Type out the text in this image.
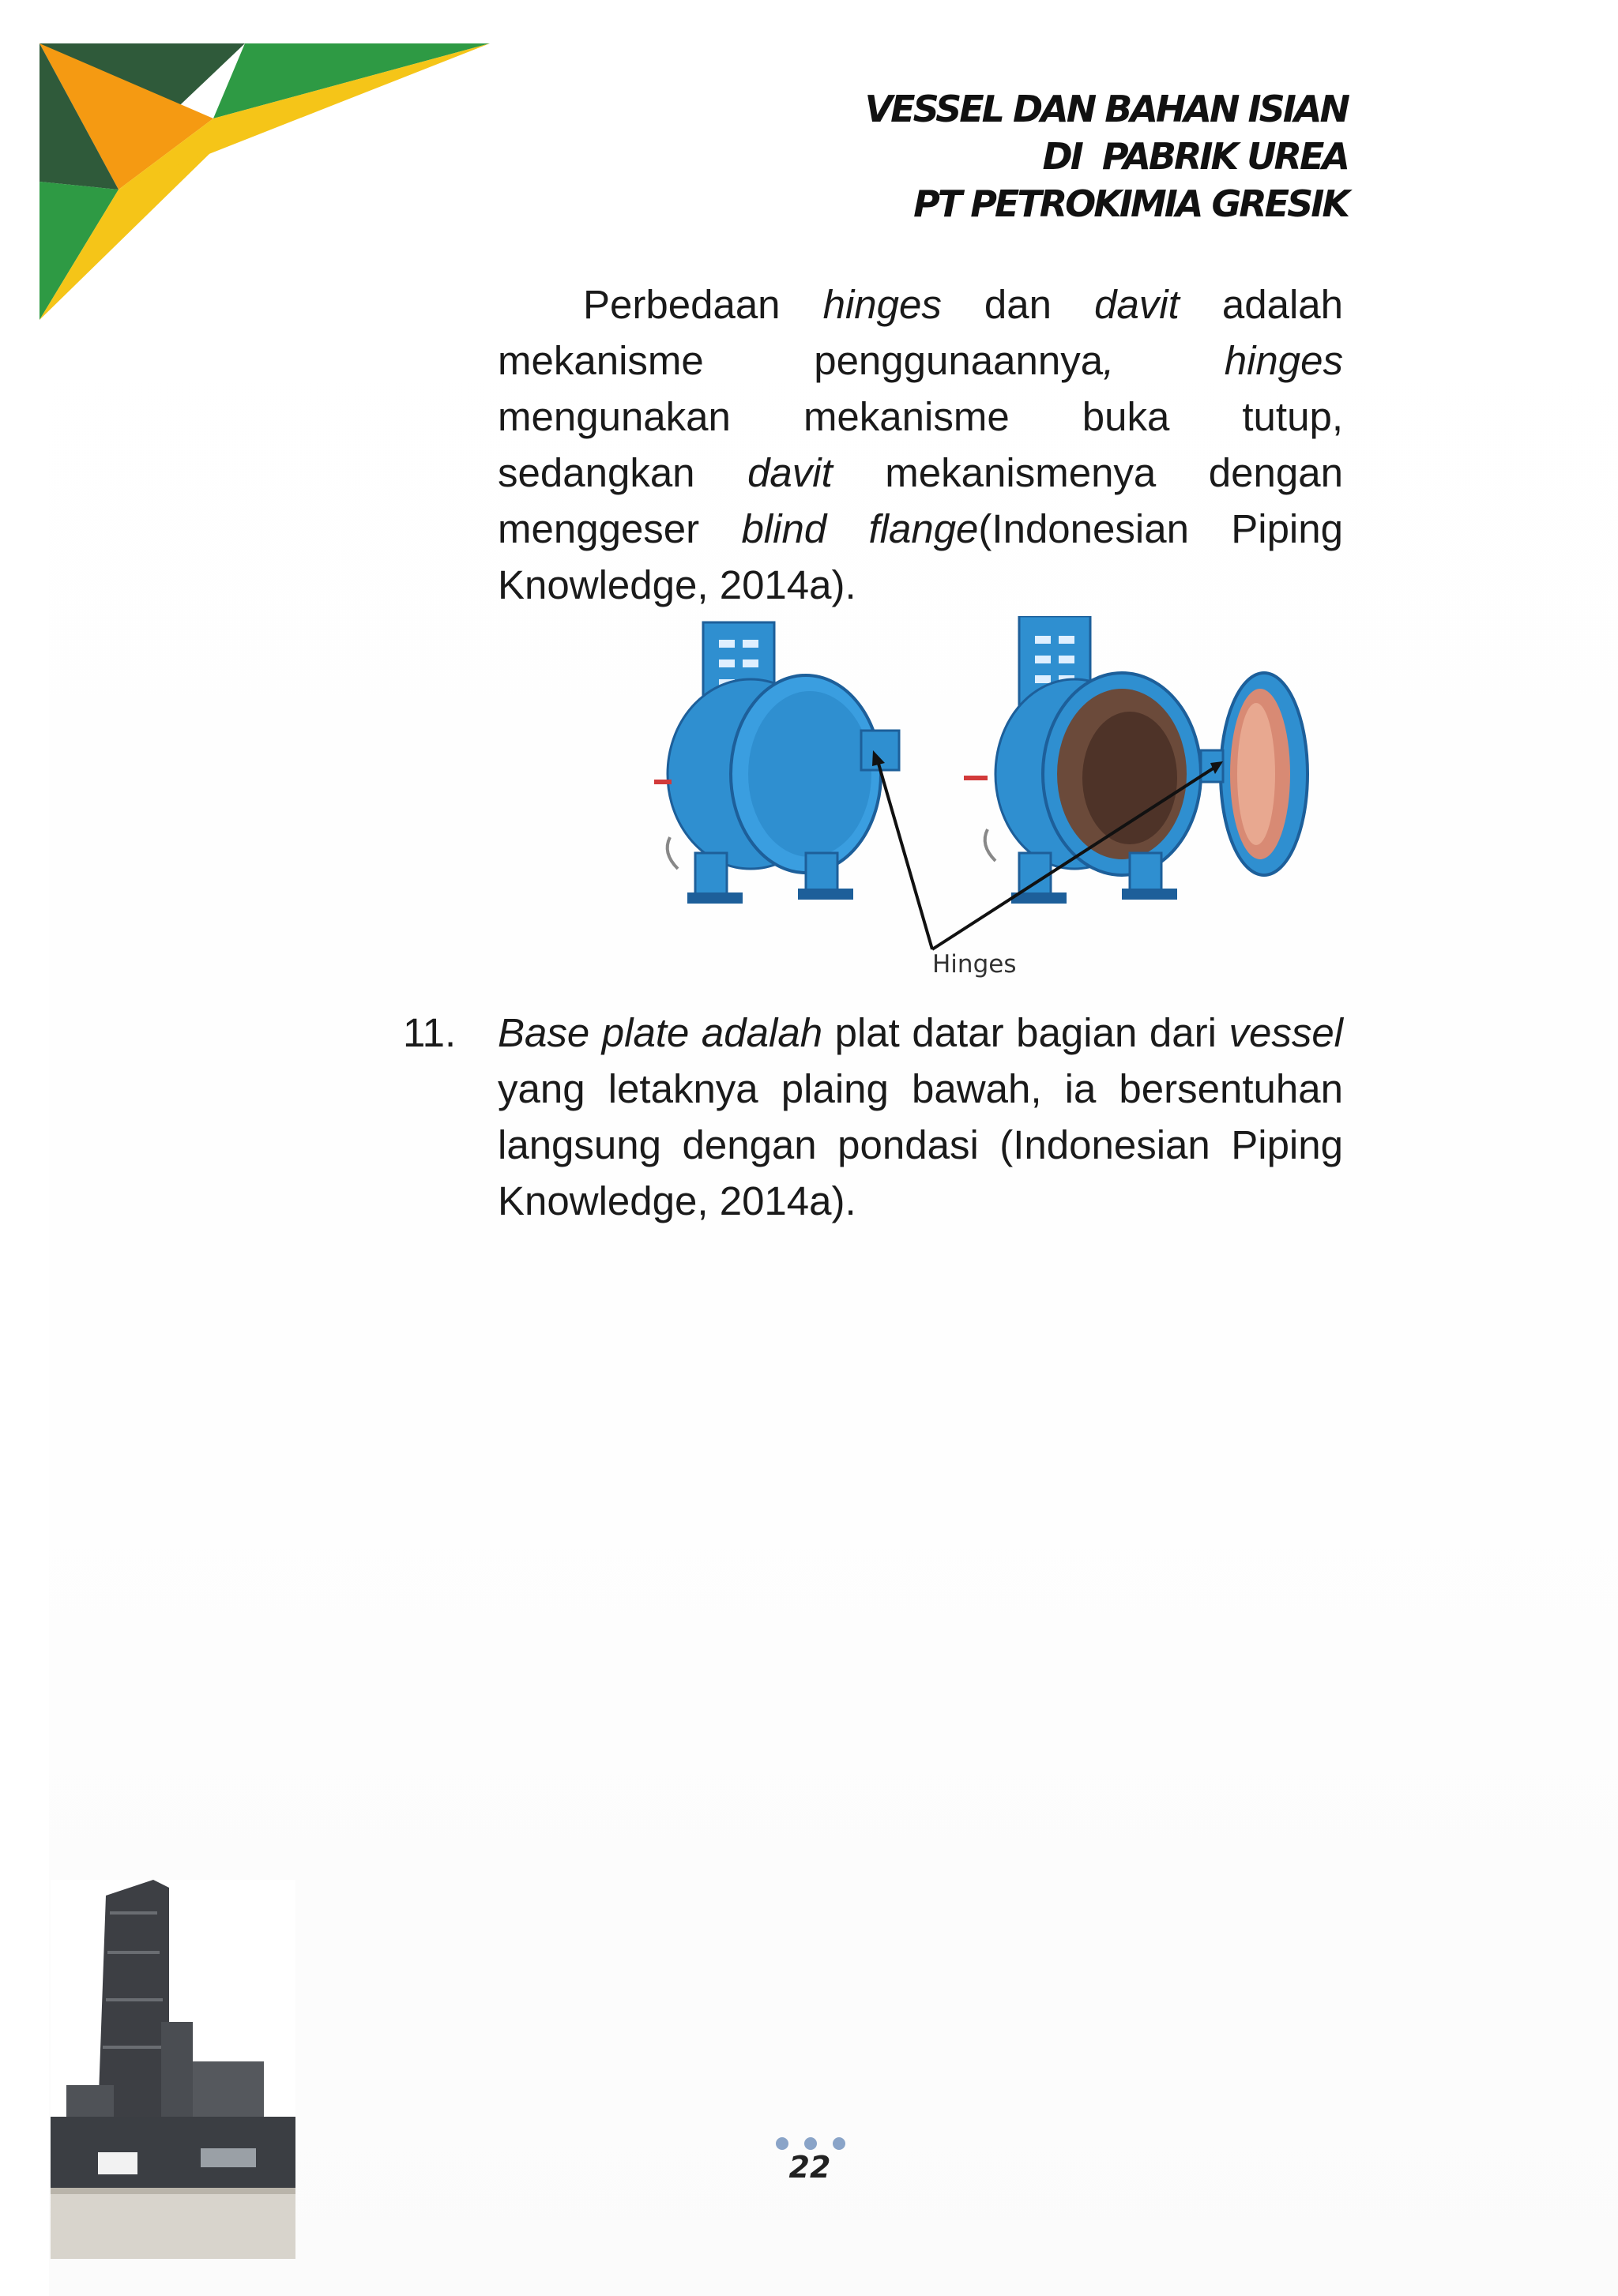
VESSEL DAN BAHAN ISIAN
DI  PABRIK UREA
PT PETROKIMIA GRESIK
Perbedaan hinges dan davit adalah mekanisme penggunaannya,	hinges mengunakan mekanisme buka tutup, sedangkan davit mekanismenya dengan menggeser blind flange(Indonesian Piping Knowledge, 2014a).
Hinges
11. Base plate adalah plat datar bagian dari vessel yang letaknya plaing bawah, ia bersentuhan langsung dengan pondasi (Indonesian Piping Knowledge, 2014a).
22
